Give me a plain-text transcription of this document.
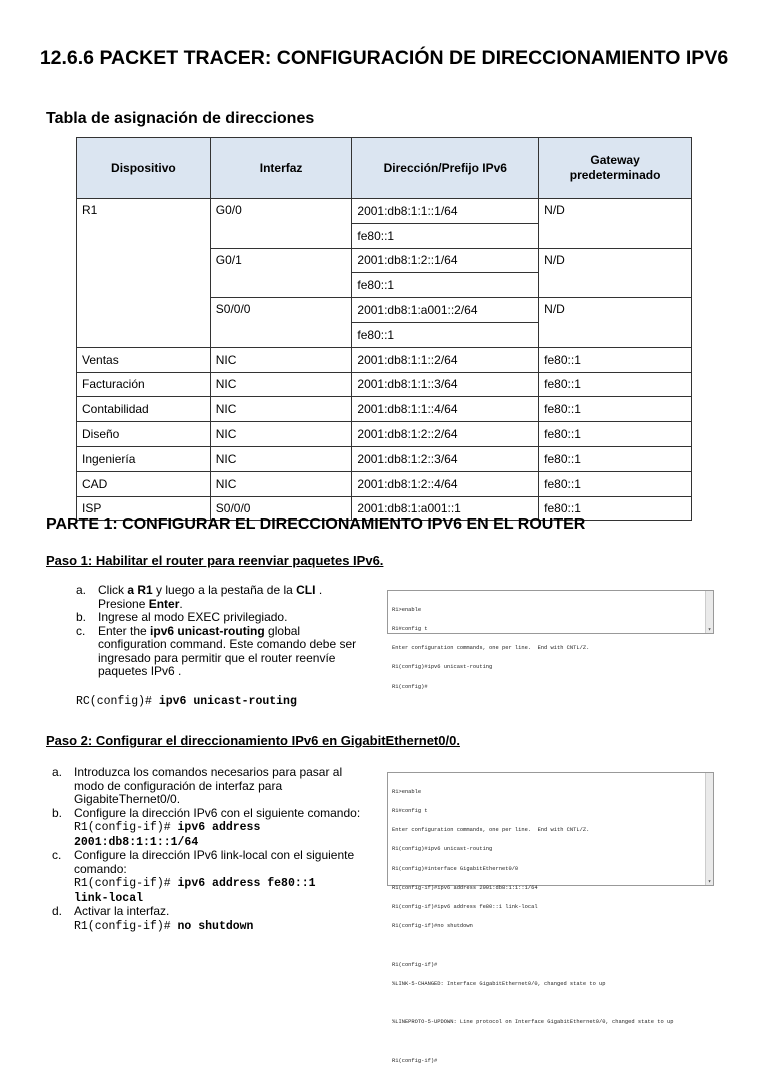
12.6.6 PACKET TRACER: CONFIGURACIÓN DE DIRECCIONAMIENTO IPV6
Tabla de asignación de direcciones
Dispositivo	Interfaz	Dirección/Prefijo IPv6	Gateway predeterminado
R1	G0/0	2001:db8:1:1::1/64	N/D
		fe80::1	
	G0/1	2001:db8:1:2::1/64	N/D
		fe80::1	
	S0/0/0	2001:db8:1:a001::2/64	N/D
		fe80::1	
Ventas	NIC	2001:db8:1:1::2/64	fe80::1
Facturación	NIC	2001:db8:1:1::3/64	fe80::1
Contabilidad	NIC	2001:db8:1:1::4/64	fe80::1
Diseño	NIC	2001:db8:1:2::2/64	fe80::1
Ingeniería	NIC	2001:db8:1:2::3/64	fe80::1
CAD	NIC	2001:db8:1:2::4/64	fe80::1
ISP	S0/0/0	2001:db8:1:a001::1	fe80::1
PARTE 1: CONFIGURAR EL DIRECCIONAMIENTO IPV6 EN EL ROUTER
Paso 1: Habilitar el router para reenviar paquetes IPv6.
a. Click a R1 y luego a la pestaña de la CLI .
Presione Enter.
b. Ingrese al modo EXEC privilegiado.
c. Enter the ipv6 unicast-routing global configuration command. Este comando debe ser ingresado para permitir que el router reenvíe paquetes IPv6 .
RC(config)# ipv6 unicast-routing

R1>enable

R1#config t

Enter configuration commands, one per line.  End with CNTL/Z.

R1(config)#ipv6 unicast-routing

R1(config)#

▾
Paso 2: Configurar el direccionamiento IPv6 en GigabitEthernet0/0.
a. Introduzca los comandos necesarios para pasar al modo de configuración de interfaz para GigabiteThernet0/0.
b. Configure la dirección IPv6 con el siguiente comando:
R1(config-if)# ipv6 address
2001:db8:1:1::1/64
c. Configure la dirección IPv6 link-local con el siguiente comando:
R1(config-if)# ipv6 address fe80::1
link-local
d. Activar la interfaz.
R1(config-if)# no shutdown

R1>enable

R1#config t

Enter configuration commands, one per line.  End with CNTL/Z.

R1(config)#ipv6 unicast-routing

R1(config)#interface GigabitEthernet0/0

R1(config-if)#ipv6 address 2001:db8:1:1::1/64

R1(config-if)#ipv6 address fe80::1 link-local

R1(config-if)#no shutdown

R1(config-if)#

%LINK-5-CHANGED: Interface GigabitEthernet0/0, changed state to up

%LINEPROTO-5-UPDOWN: Line protocol on Interface GigabitEthernet0/0, changed state to up

R1(config-if)#

▾
